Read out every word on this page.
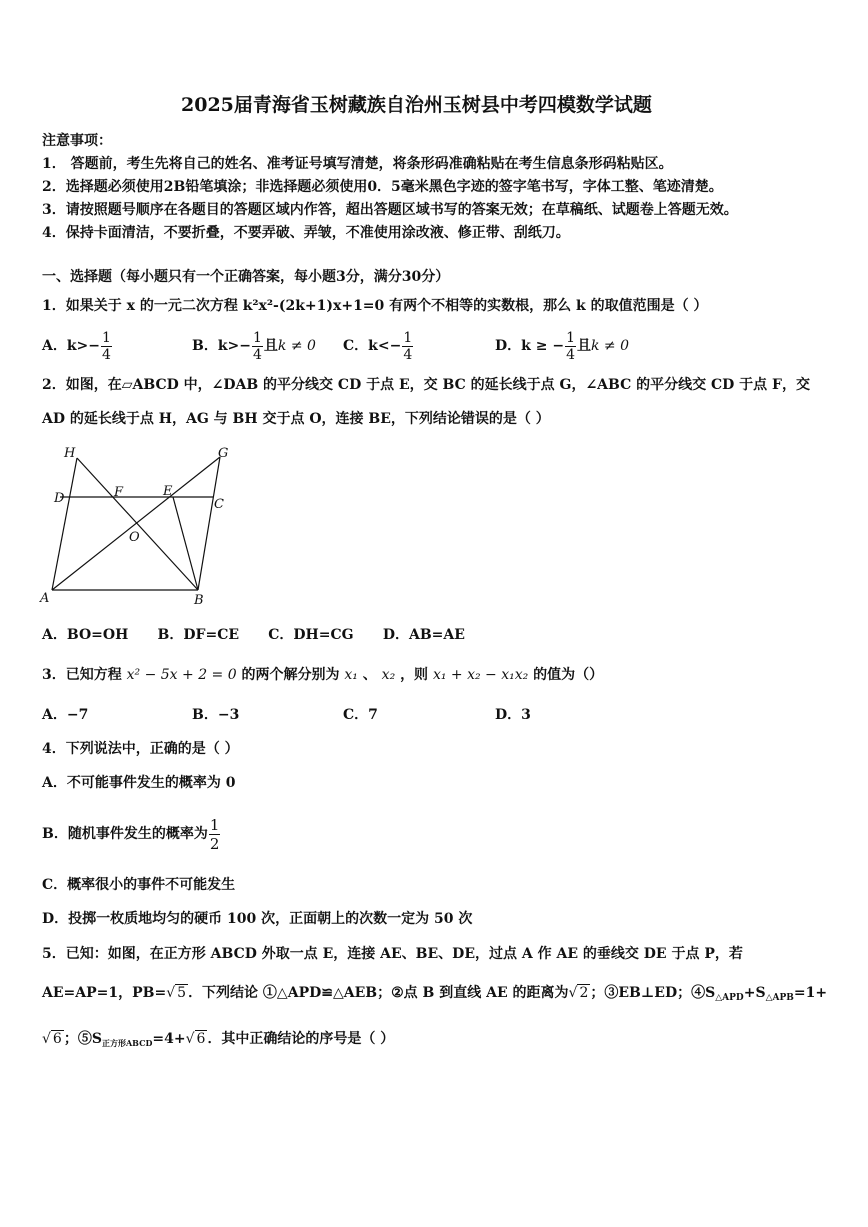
2025届青海省玉树藏族自治州玉树县中考四模数学试题
注意事项：
1． 答题前，考生先将自己的姓名、准考证号填写清楚，将条形码准确粘贴在考生信息条形码粘贴区。
2．选择题必须使用2B铅笔填涂；非选择题必须使用0．5毫米黑色字迹的签字笔书写，字体工整、笔迹清楚。
3．请按照题号顺序在各题目的答题区域内作答，超出答题区域书写的答案无效；在草稿纸、试题卷上答题无效。
4．保持卡面清洁，不要折叠，不要弄破、弄皱，不准使用涂改液、修正带、刮纸刀。
一、选择题（每小题只有一个正确答案，每小题3分，满分30分）
1．如果关于 x 的一元二次方程 k²x²-(2k+1)x+1=0 有两个不相等的实数根，那么 k 的取值范围是（ ）
A．$k>- \frac{1}{4}$	B．$k>- \frac{1}{4}$ 且 k ≠ 0 C．$k<- \frac{1}{4}$	D．k ≥ − $\frac{1}{4}$ 且 k ≠ 0
2．如图，在▱ABCD 中，∠DAB 的平分线交 CD 于点 E，交 BC 的延长线于点 G，∠ABC 的平分线交 CD 于点 F，交
AD 的延长线于点 H，AG 与 BH 交于点 O，连接 BE，下列结论错误的是（ ）
H	G
D	F	E
C
O
A	B
A．BO=OH      B．DF=CE      C．DH=CG      D．AB=AE
3．已知方程 x² − 5x + 2 = 0 的两个解分别为 x₁ 、 x₂ ，则 x₁ + x₂ − x₁x₂ 的值为（）
A．−7	B．−3	C．7	D．3
4．下列说法中，正确的是（ ）
A．不可能事件发生的概率为 0
B．随机事件发生的概率为 $\frac{1}{2}$
C．概率很小的事件不可能发生
D．投掷一枚质地均匀的硬币 100 次，正面朝上的次数一定为 50 次
5．已知：如图，在正方形 ABCD 外取一点 E，连接 AE、BE、DE，过点 A 作 AE 的垂线交 DE 于点 P，若
AE=AP=1，PB=√ 5 ．下列结论 ①△APD≌△AEB；②点 B 到直线 AE 的距离为√ 2 ；③EB⊥ED；$④S_{\triangle APD}+S_{\triangle APB}=1+$
√ 6 ；$⑤S_{正方形ABCD}=4+√$ 6 ．其中正确结论的序号是（ ）
